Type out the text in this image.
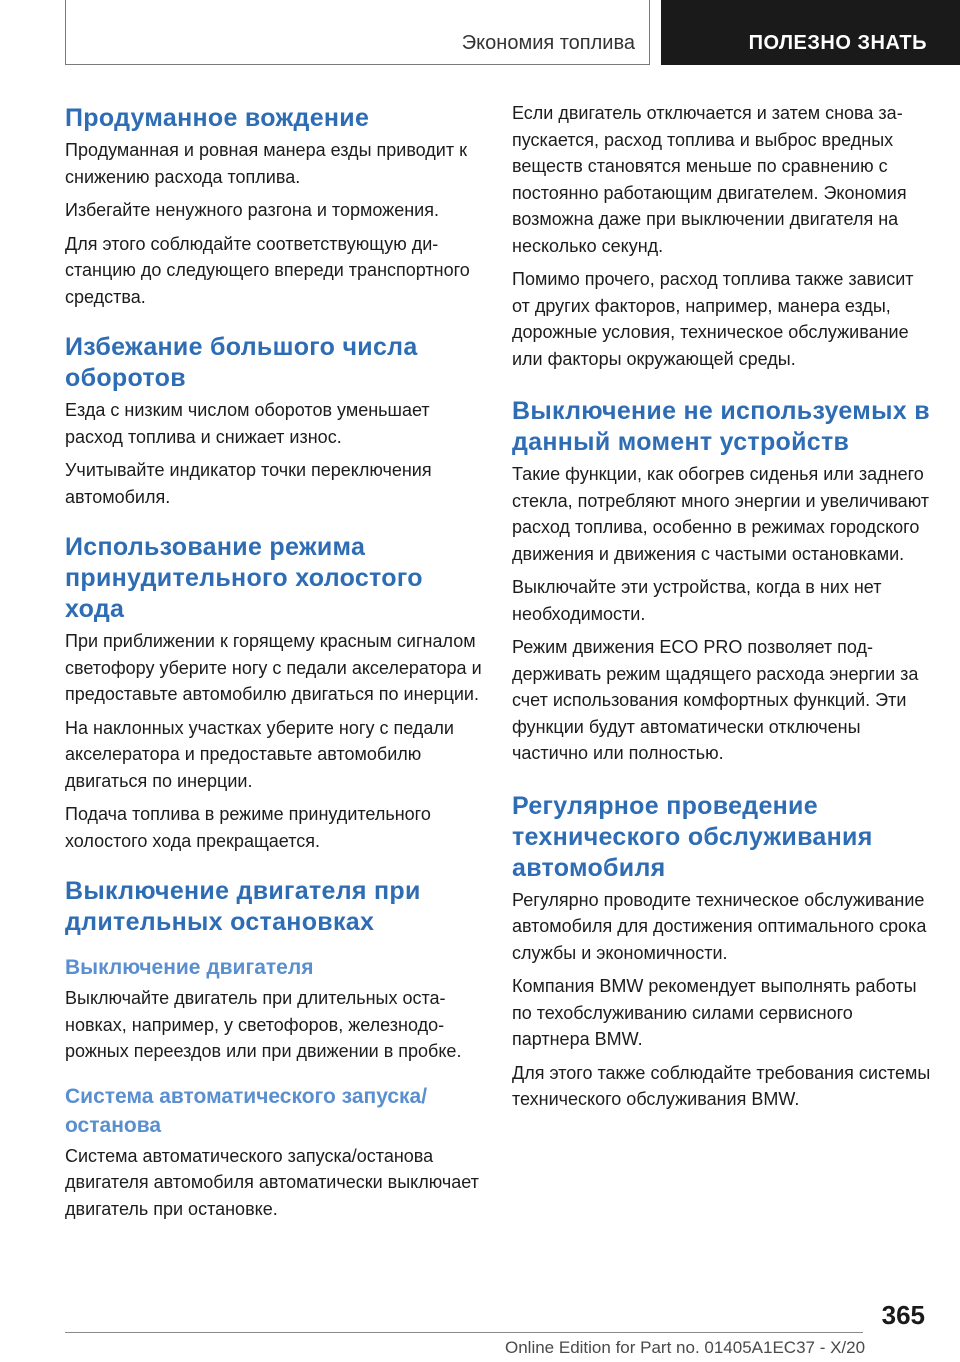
Экономия топлива	ПОЛЕЗНО ЗНАТЬ
Продуманное вождение

Продуманная и ровная манера езды приводит к снижению расхода топлива.

Избегайте ненужного разгона и торможения.

Для этого соблюдайте соответствующую дистанцию до следующего впереди транспортного средства.

Избежание большого числа оборотов

Езда с низким числом оборотов уменьшает расход топлива и снижает износ.

Учитывайте индикатор точки переключения автомобиля.

Использование режима принудительного холостого хода

При приближении к горящему красным сигналом светофору уберите ногу с педали акселератора и предоставьте автомобилю двигаться по инерции.

На наклонных участках уберите ногу с педали акселератора и предоставьте автомобилю двигаться по инерции.

Подача топлива в режиме принудительного холостого хода прекращается.

Выключение двигателя при длительных остановках
Выключение двигателя

Выключайте двигатель при длительных остановках, например, у светофоров, железнодорожных переездов или при движении в пробке.

Система автоматического запуска/останова

Система автоматического запуска/останова двигателя автомобиля автоматически выключает двигатель при остановке.

Если двигатель отключается и затем снова запускается, расход топлива и выброс вредных веществ становятся меньше по сравнению с постоянно работающим двигателем. Экономия возможна даже при выключении двигателя на несколько секунд.

Помимо прочего, расход топлива также зависит от других факторов, например, манера езды, дорожные условия, техническое обслуживание или факторы окружающей среды.

Выключение не используемых в данный момент устройств

Такие функции, как обогрев сиденья или заднего стекла, потребляют много энергии и увеличивают расход топлива, особенно в режимах городского движения и движения с частыми остановками.

Выключайте эти устройства, когда в них нет необходимости.

Режим движения ECO PRO позволяет поддерживать режим щадящего расхода энергии за счет использования комфортных функций. Эти функции будут автоматически отключены частично или полностью.

Регулярное проведение технического обслуживания автомобиля

Регулярно проводите техническое обслуживание автомобиля для достижения оптимального срока службы и экономичности.

Компания BMW рекомендует выполнять работы по техобслуживанию силами сервисного партнера BMW.

Для этого также соблюдайте требования системы технического обслуживания BMW.

365
Online Edition for Part no. 01405A1EC37 - X/20
